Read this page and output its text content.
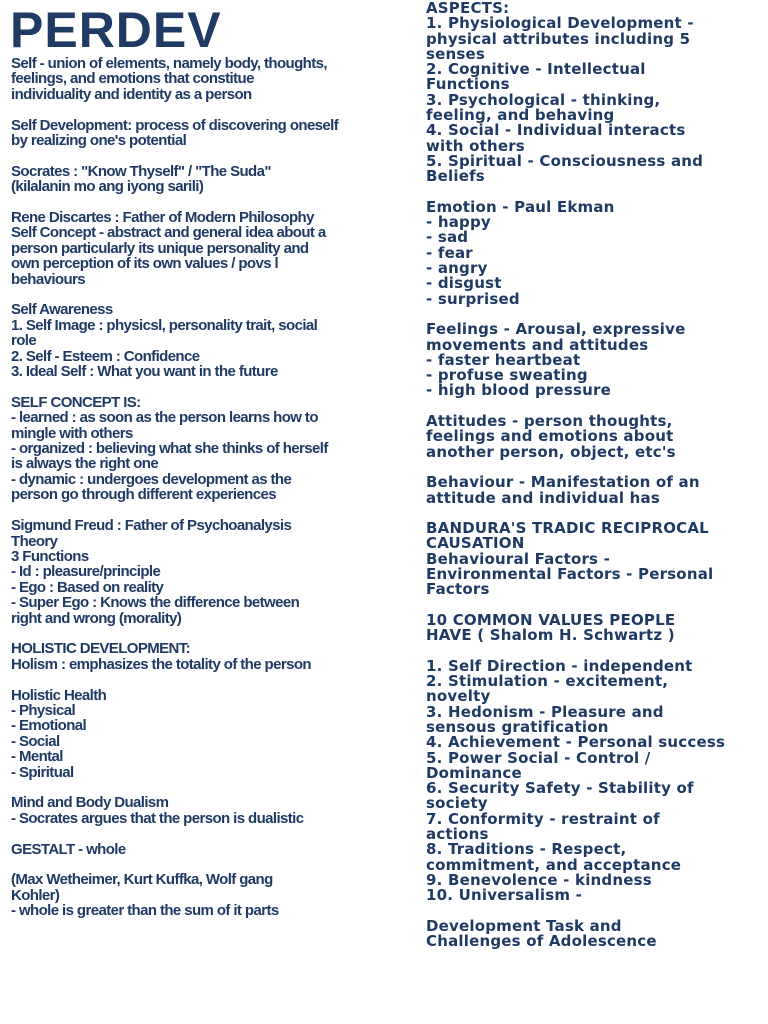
PERDEV
Self - union of elements, namely body, thoughts,
feelings, and emotions that constitue
individuality and identity as a person
Self Development: process of discovering oneself
by realizing one's potential
Socrates : "Know Thyself" / "The Suda"
(kilalanin mo ang iyong sarili)
Rene Discartes : Father of Modern Philosophy
Self Concept - abstract and general idea about a
person particularly its unique personality and
own perception of its own values / povs l
behaviours
Self Awareness
1. Self Image : physicsl, personality trait, social
role
2. Self - Esteem : Confidence
3. Ideal Self : What you want in the future
SELF CONCEPT IS:
- learned : as soon as the person learns how to
mingle with others
- organized : believing what she thinks of herself
is always the right one
- dynamic : undergoes development as the
person go through different experiences
Sigmund Freud : Father of Psychoanalysis
Theory
3 Functions
- Id : pleasure/principle
- Ego : Based on reality
- Super Ego : Knows the difference between
right and wrong (morality)
HOLISTIC DEVELOPMENT:
Holism : emphasizes the totality of the person
Holistic Health
- Physical
- Emotional
- Social
- Mental
- Spiritual
Mind and Body Dualism
- Socrates argues that the person is dualistic
GESTALT - whole
(Max Wetheimer, Kurt Kuffka, Wolf gang
Kohler)
- whole is greater than the sum of it parts
ASPECTS:
1. Physiological Development -
physical attributes including 5
senses
2. Cognitive - Intellectual
Functions
3. Psychological - thinking,
feeling, and behaving
4. Social - Individual interacts
with others
5. Spiritual - Consciousness and
Beliefs
Emotion - Paul Ekman
- happy
- sad
- fear
- angry
- disgust
- surprised
Feelings - Arousal, expressive
movements and attitudes
- faster heartbeat
- profuse sweating
- high blood pressure
Attitudes - person thoughts,
feelings and emotions about
another person, object, etc's
Behaviour - Manifestation of an
attitude and individual has
BANDURA'S TRADIC RECIPROCAL
CAUSATION
Behavioural Factors -
Environmental Factors - Personal
Factors
10 COMMON VALUES PEOPLE
HAVE ( Shalom H. Schwartz )
1. Self Direction - independent
2. Stimulation - excitement,
novelty
3. Hedonism - Pleasure and
sensous gratification
4. Achievement - Personal success
5. Power Social - Control /
Dominance
6. Security Safety - Stability of
society
7. Conformity - restraint of
actions
8. Traditions - Respect,
commitment, and acceptance
9. Benevolence - kindness
10. Universalism -
Development Task and
Challenges of Adolescence
